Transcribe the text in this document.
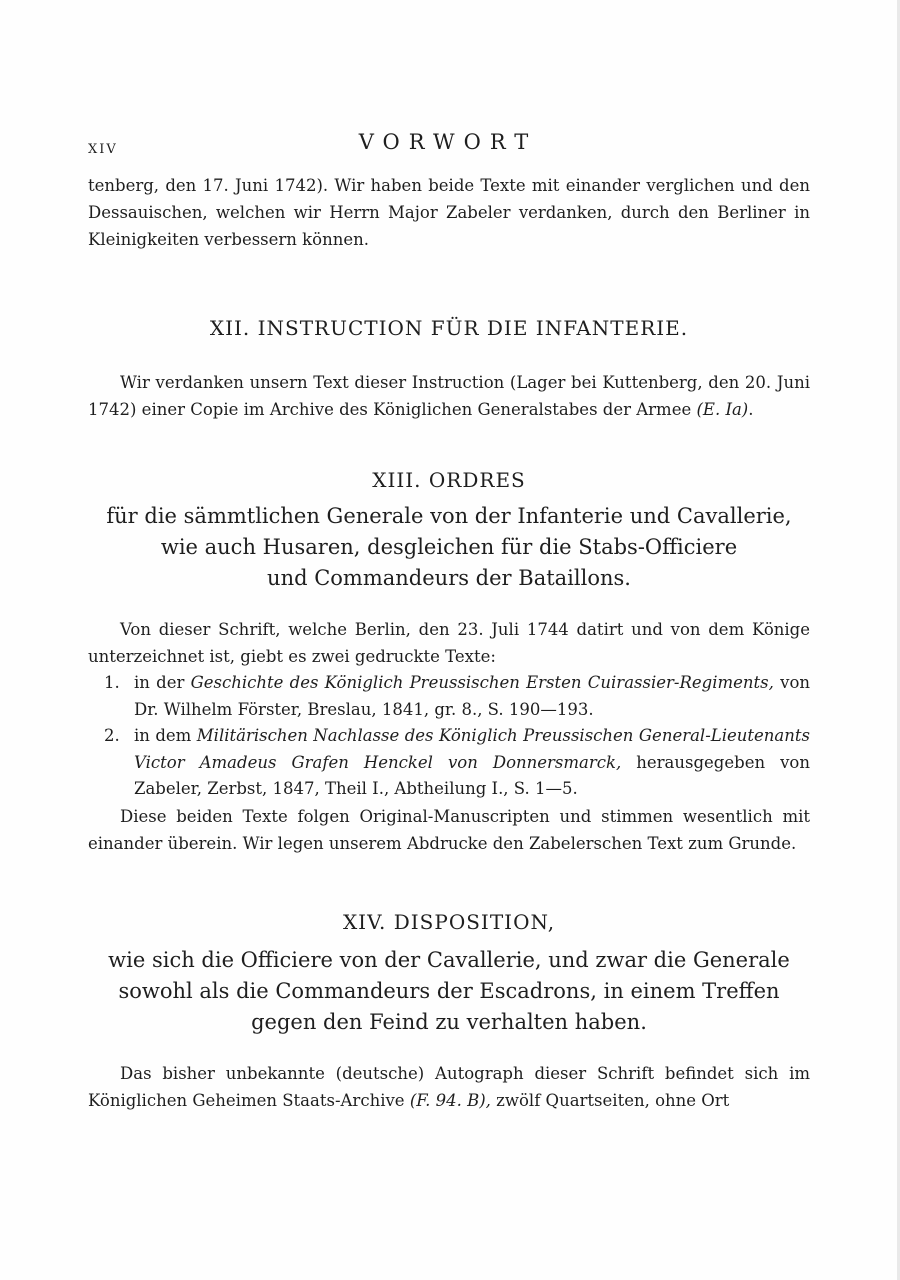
XIV	VORWORT

tenberg, den 17. Juni 1742). Wir haben beide Texte mit einander verglichen und den Dessauischen, welchen wir Herrn Major Zabeler verdanken, durch den Berliner in Kleinigkeiten verbessern können.

XII. INSTRUCTION FÜR DIE INFANTERIE.

Wir verdanken unsern Text dieser Instruction (Lager bei Kuttenberg, den 20. Juni 1742) einer Copie im Archive des Königlichen Generalstabes der Armee (E. Ia).

XIII. ORDRES
für die sämmtlichen Generale von der Infanterie und Cavallerie,
wie auch Husaren, desgleichen für die Stabs-Officiere
und Commandeurs der Bataillons.

Von dieser Schrift, welche Berlin, den 23. Juli 1744 datirt und von dem Könige unterzeichnet ist, giebt es zwei gedruckte Texte:

1. in der Geschichte des Königlich Preussischen Ersten Cuirassier-Regiments, von Dr. Wilhelm Förster, Breslau, 1841, gr. 8., S. 190—193.
2. in dem Militärischen Nachlasse des Königlich Preussischen General-Lieutenants Victor Amadeus Grafen Henckel von Donnersmarck, herausgegeben von Zabeler, Zerbst, 1847, Theil I., Abtheilung I., S. 1—5.

Diese beiden Texte folgen Original-Manuscripten und stimmen wesentlich mit einander überein. Wir legen unserem Abdrucke den Zabelerschen Text zum Grunde.

XIV. DISPOSITION,
wie sich die Officiere von der Cavallerie, und zwar die Generale
sowohl als die Commandeurs der Escadrons, in einem Treffen
gegen den Feind zu verhalten haben.

Das bisher unbekannte (deutsche) Autograph dieser Schrift befindet sich im Königlichen Geheimen Staats-Archive (F. 94. B), zwölf Quartseiten, ohne Ort
